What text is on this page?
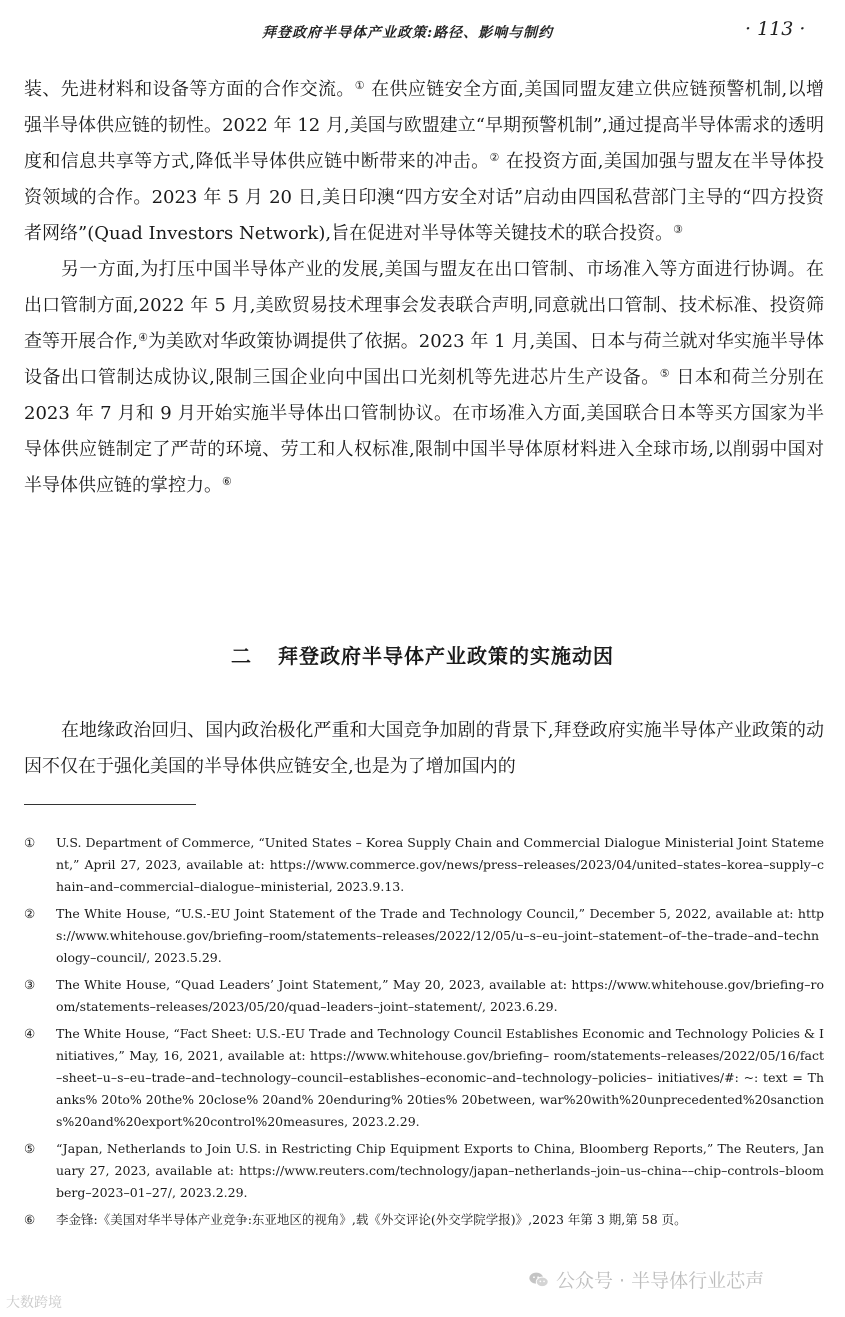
拜登政府半导体产业政策:路径、影响与制约	· 113 ·

装、先进材料和设备等方面的合作交流。① 在供应链安全方面,美国同盟友建立供应链预警机制,以增强半导体供应链的韧性。2022 年 12 月,美国与欧盟建立“早期预警机制”,通过提高半导体需求的透明度和信息共享等方式,降低半导体供应链中断带来的冲击。② 在投资方面,美国加强与盟友在半导体投资领域的合作。2023 年 5 月 20 日,美日印澳“四方安全对话”启动由四国私营部门主导的“四方投资者网络”(Quad Investors Network),旨在促进对半导体等关键技术的联合投资。③

另一方面,为打压中国半导体产业的发展,美国与盟友在出口管制、市场准入等方面进行协调。在出口管制方面,2022 年 5 月,美欧贸易技术理事会发表联合声明,同意就出口管制、技术标准、投资筛查等开展合作,④为美欧对华政策协调提供了依据。2023 年 1 月,美国、日本与荷兰就对华实施半导体设备出口管制达成协议,限制三国企业向中国出口光刻机等先进芯片生产设备。⑤ 日本和荷兰分别在 2023 年 7 月和 9 月开始实施半导体出口管制协议。在市场准入方面,美国联合日本等买方国家为半导体供应链制定了严苛的环境、劳工和人权标准,限制中国半导体原材料进入全球市场,以削弱中国对半导体供应链的掌控力。⑥

二 拜登政府半导体产业政策的实施动因

在地缘政治回归、国内政治极化严重和大国竞争加剧的背景下,拜登政府实施半导体产业政策的动因不仅在于强化美国的半导体供应链安全,也是为了增加国内的

① U.S. Department of Commerce, “United States – Korea Supply Chain and Commercial Dialogue Ministerial Joint Statement,” April 27, 2023, available at: https://www.commerce.gov/news/press–releases/2023/04/united–states–korea–supply–chain–and–commercial–dialogue–ministerial, 2023.9.13.
② The White House, “U.S.-EU Joint Statement of the Trade and Technology Council,” December 5, 2022, available at: https://www.whitehouse.gov/briefing–room/statements–releases/2022/12/05/u–s–eu–joint–statement–of–the–trade–and–technology–council/, 2023.5.29.
③ The White House, “Quad Leaders’ Joint Statement,” May 20, 2023, available at: https://www.whitehouse.gov/briefing–room/statements–releases/2023/05/20/quad–leaders–joint–statement/, 2023.6.29.
④ The White House, “Fact Sheet: U.S.-EU Trade and Technology Council Establishes Economic and Technology Policies & Initiatives,” May, 16, 2021, available at: https://www.whitehouse.gov/briefing– room/statements–releases/2022/05/16/fact–sheet–u–s–eu–trade–and–technology–council–establishes–economic–and–technology–policies– initiatives/#: ~: text = Thanks% 20to% 20the% 20close% 20and% 20enduring% 20ties% 20between, war%20with%20unprecedented%20sanctions%20and%20export%20control%20measures, 2023.2.29.
⑤ “Japan, Netherlands to Join U.S. in Restricting Chip Equipment Exports to China, Bloomberg Reports,” The Reuters, January 27, 2023, available at: https://www.reuters.com/technology/japan–netherlands–join–us–china––chip–controls–bloomberg–2023–01–27/, 2023.2.29.
⑥ 李金锋:《美国对华半导体产业竞争:东亚地区的视角》,载《外交评论(外交学院学报)》,2023 年第 3 期,第 58 页。
公众号 · 半导体行业芯声
大数跨境
